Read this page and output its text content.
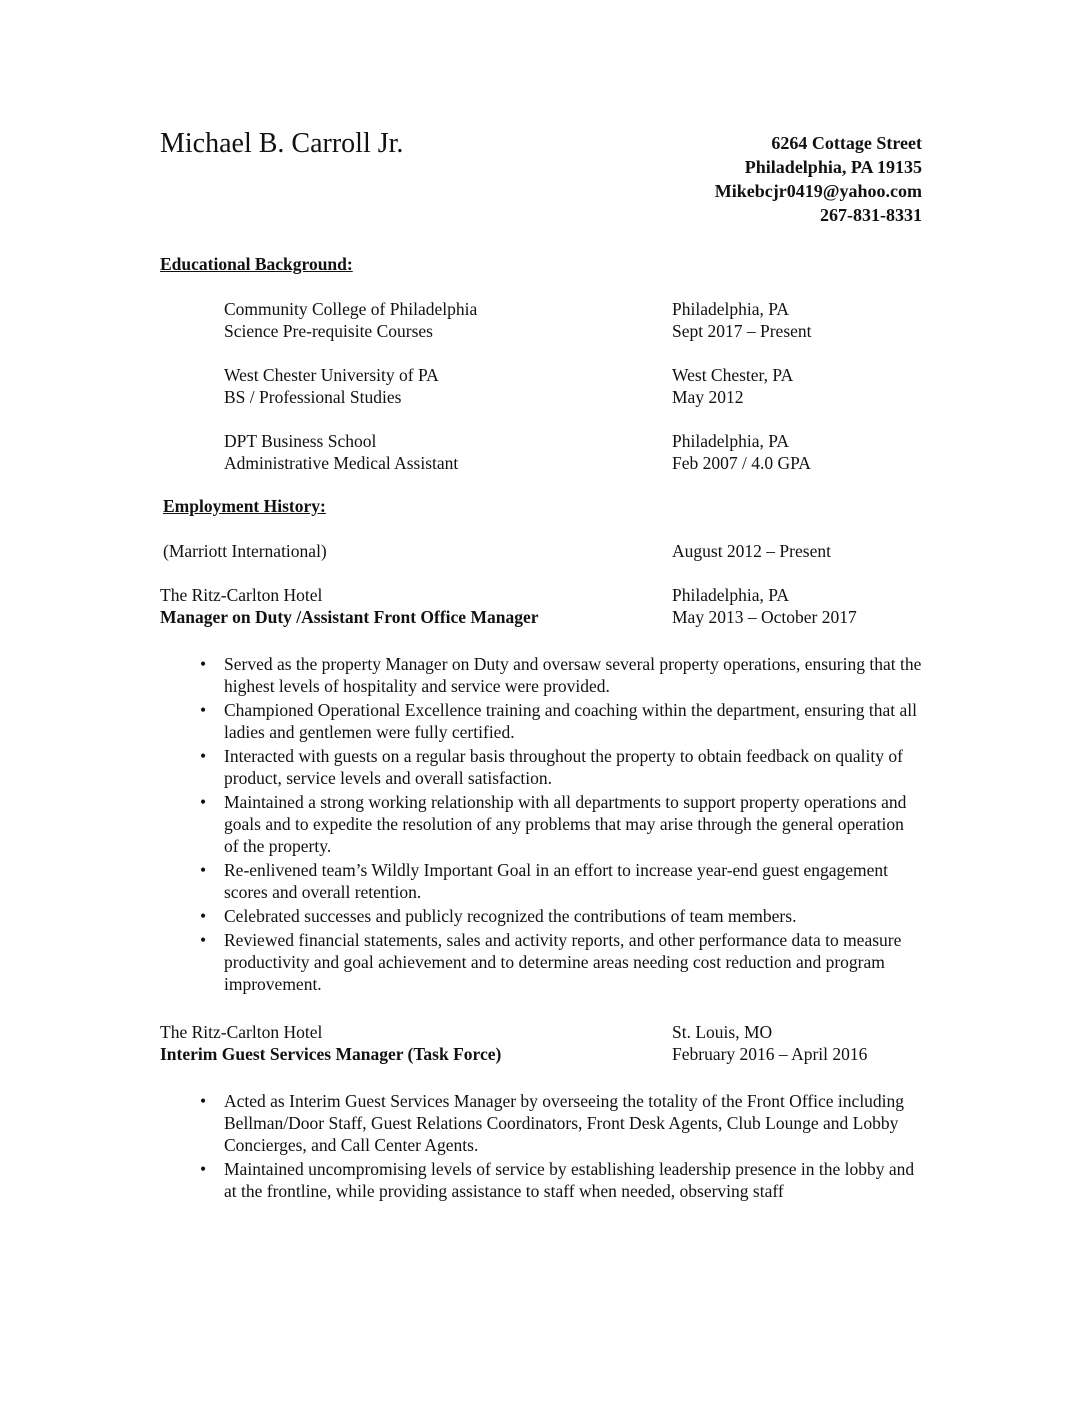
Michael B. Carroll Jr.	6264 Cottage Street
Philadelphia, PA 19135
Mikebcjr0419@yahoo.com
267-831-8331
Educational Background:
Community College of Philadelphia	Philadelphia, PA
Science Pre-requisite Courses	Sept 2017 – Present
West Chester University of PA	West Chester, PA
BS / Professional Studies	May 2012
DPT Business School	Philadelphia, PA
Administrative Medical Assistant	Feb 2007 / 4.0 GPA
Employment History:
(Marriott International)	August 2012 – Present
The Ritz-Carlton Hotel	Philadelphia, PA
Manager on Duty /Assistant Front Office Manager	May 2013 – October 2017
• Served as the property Manager on Duty and oversaw several property operations, ensuring that the highest levels of hospitality and service were provided.
• Championed Operational Excellence training and coaching within the department, ensuring that all ladies and gentlemen were fully certified.
• Interacted with guests on a regular basis throughout the property to obtain feedback on quality of product, service levels and overall satisfaction.
• Maintained a strong working relationship with all departments to support property operations and goals and to expedite the resolution of any problems that may arise through the general operation of the property.
• Re-enlivened team’s Wildly Important Goal in an effort to increase year-end guest engagement scores and overall retention.
• Celebrated successes and publicly recognized the contributions of team members.
• Reviewed financial statements, sales and activity reports, and other performance data to measure productivity and goal achievement and to determine areas needing cost reduction and program improvement.
The Ritz-Carlton Hotel	St. Louis, MO
Interim Guest Services Manager (Task Force)	February 2016 – April 2016
• Acted as Interim Guest Services Manager by overseeing the totality of the Front Office including Bellman/Door Staff, Guest Relations Coordinators, Front Desk Agents, Club Lounge and Lobby Concierges, and Call Center Agents.
• Maintained uncompromising levels of service by establishing leadership presence in the lobby and at the frontline, while providing assistance to staff when needed, observing staff
